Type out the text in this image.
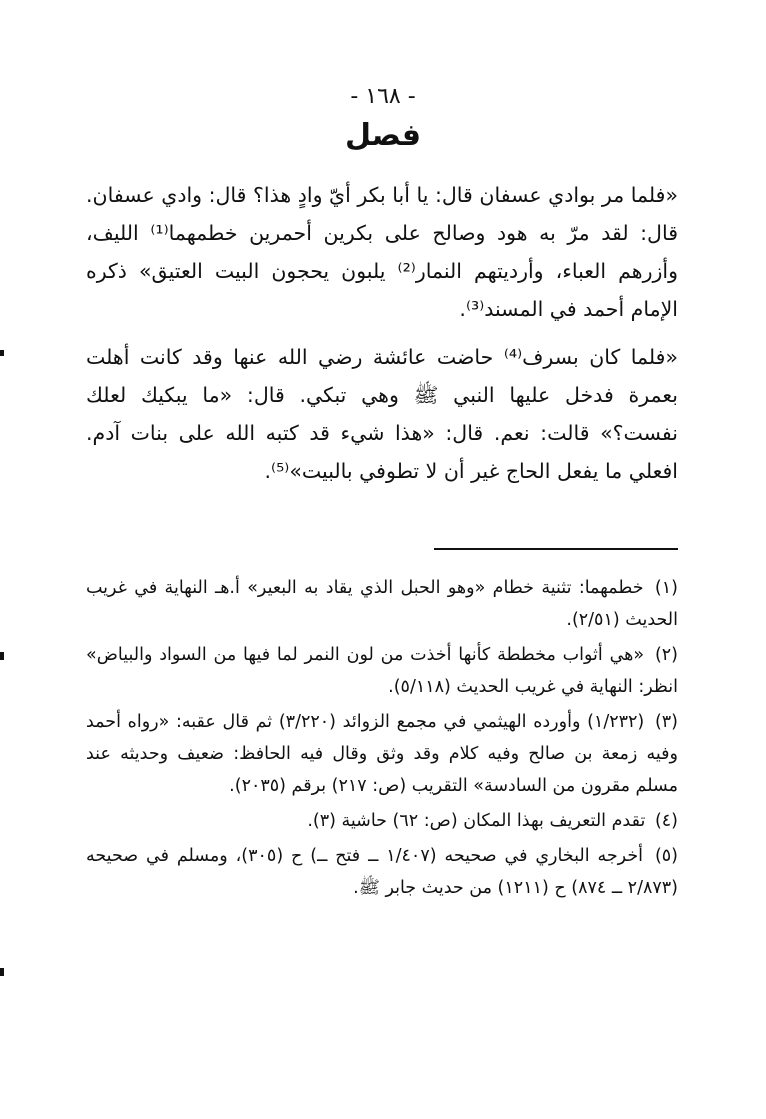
- ١٦٨ -
فصل

«فلما مر بوادي عسفان قال: يا أبا بكر أيّ وادٍ هذا؟ قال: وادي عسفان. قال: لقد مرّ به هود وصالح على بكرين أحمرين خطمهما⁽¹⁾ الليف، وأزرهم العباء، وأرديتهم النمار⁽²⁾ يلبون يحجون البيت العتيق» ذكره الإمام أحمد في المسند⁽³⁾.

«فلما كان بسرف⁽⁴⁾ حاضت عائشة رضي الله عنها وقد كانت أهلت بعمرة فدخل عليها النبي ﷺ وهي تبكي. قال: «ما يبكيك لعلك نفست؟» قالت: نعم. قال: «هذا شيء قد كتبه الله على بنات آدم. افعلي ما يفعل الحاج غير أن لا تطوفي بالبيت»⁽⁵⁾.

(١) خطمهما: تثنية خطام «وهو الحبل الذي يقاد به البعير» أ.هـ النهاية في غريب الحديث (٢/٥١).

(٢) «هي أثواب مخططة كأنها أخذت من لون النمر لما فيها من السواد والبياض» انظر: النهاية في غريب الحديث (٥/١١٨).

(٣) (١/٢٣٢) وأورده الهيثمي في مجمع الزوائد (٣/٢٢٠) ثم قال عقبه: «رواه أحمد وفيه زمعة بن صالح وفيه كلام وقد وثق وقال فيه الحافظ: ضعيف وحديثه عند مسلم مقرون من السادسة» التقريب (ص: ٢١٧) برقم (٢٠٣٥).

(٤) تقدم التعريف بهذا المكان (ص: ٦٢) حاشية (٣).

(٥) أخرجه البخاري في صحيحه (١/٤٠٧ ــ فتح ــ) ح (٣٠٥)، ومسلم في صحيحه (٢/٨٧٣ ــ ٨٧٤) ح (١٢١١) من حديث جابر ﷺ.
